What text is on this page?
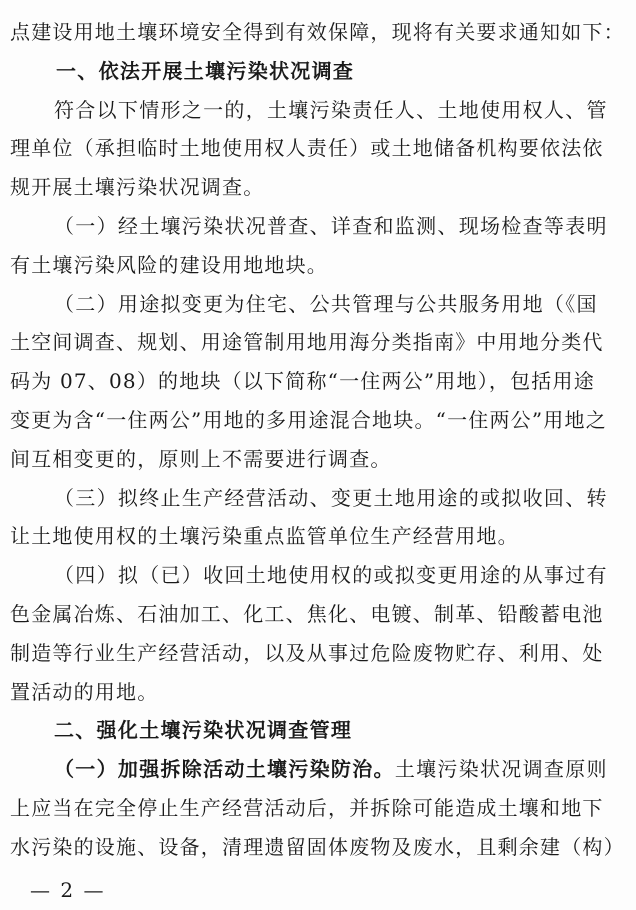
点建设用地土壤环境安全得到有效保障，现将有关要求通知如下：
一、依法开展土壤污染状况调查
符合以下情形之一的，土壤污染责任人、土地使用权人、管
理单位（承担临时土地使用权人责任）或土地储备机构要依法依
规开展土壤污染状况调查。
（一）经土壤污染状况普查、详查和监测、现场检查等表明
有土壤污染风险的建设用地地块。
（二）用途拟变更为住宅、公共管理与公共服务用地（《国
土空间调查、规划、用途管制用地用海分类指南》中用地分类代
码为 07、08）的地块（以下简称“一住两公”用地），包括用途
变更为含“一住两公”用地的多用途混合地块。“一住两公”用地之
间互相变更的，原则上不需要进行调查。
（三）拟终止生产经营活动、变更土地用途的或拟收回、转
让土地使用权的土壤污染重点监管单位生产经营用地。
（四）拟（已）收回土地使用权的或拟变更用途的从事过有
色金属冶炼、石油加工、化工、焦化、电镀、制革、铅酸蓄电池
制造等行业生产经营活动，以及从事过危险废物贮存、利用、处
置活动的用地。
二、强化土壤污染状况调查管理
（一）加强拆除活动土壤污染防治。土壤污染状况调查原则
上应当在完全停止生产经营活动后，并拆除可能造成土壤和地下
水污染的设施、设备，清理遗留固体废物及废水，且剩余建（构）
— 2 —
